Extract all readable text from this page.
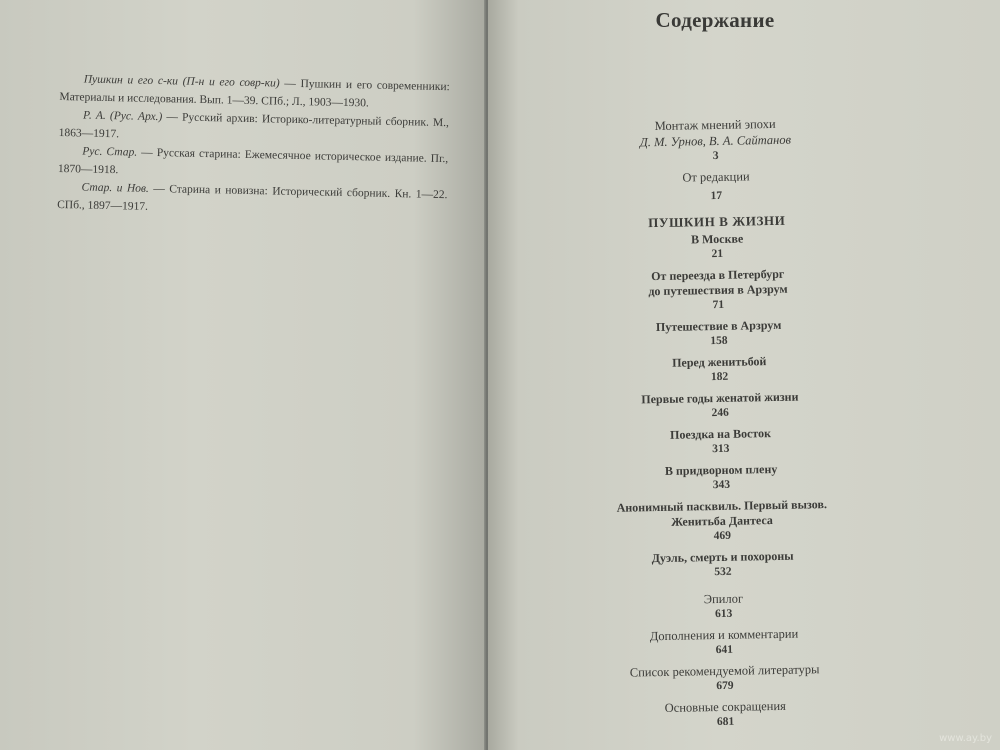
Пушкин и его с-ки (П-н и его совр-ки) — Пушкин и его современники: Материалы и исследования. Вып. 1—39. СПб.; Л., 1903—1930.

Р. А. (Рус. Арх.) — Русский архив: Историко-литературный сборник. М., 1863—1917.

Рус. Стар. — Русская старина: Ежемесячное историческое издание. Пг., 1870—1918.

Стар. и Нов. — Старина и новизна: Исторический сборник. Кн. 1—22. СПб., 1897—1917.

Содержание
Монтаж мнений эпохи
Д. М. Урнов, В. А. Сайтанов
3
От редакции
17
ПУШКИН В ЖИЗНИ
В Москве
21
От переезда в Петербург
до путешествия в Арзрум
71
Путешествие в Арзрум
158
Перед женитьбой
182
Первые годы женатой жизни
246
Поездка на Восток
313
В придворном плену
343
Анонимный пасквиль. Первый вызов.
Женитьба Дантеса
469
Дуэль, смерть и похороны
532
Эпилог
613
Дополнения и комментарии
641
Список рекомендуемой литературы
679
Основные сокращения
681
www.ay.by
